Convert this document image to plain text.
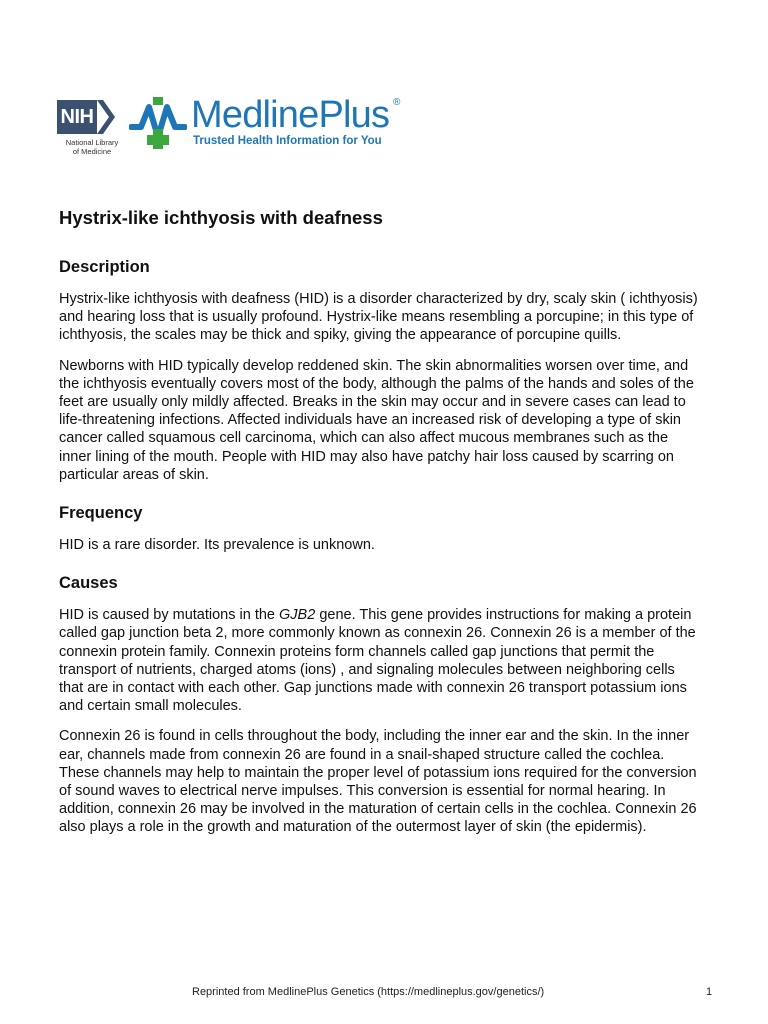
NIH
National Library
of Medicine
MedlinePlus ®
Trusted Health Information for You
Hystrix-like ichthyosis with deafness
Description

Hystrix-like ichthyosis with deafness (HID) is a disorder characterized by dry, scaly skin ( ichthyosis) and hearing loss that is usually profound. Hystrix-like means resembling a porcupine; in this type of ichthyosis, the scales may be thick and spiky, giving the appearance of porcupine quills.

Newborns with HID typically develop reddened skin. The skin abnormalities worsen over time, and the ichthyosis eventually covers most of the body, although the palms of the hands and soles of the feet are usually only mildly affected. Breaks in the skin may occur and in severe cases can lead to life-threatening infections. Affected individuals have an increased risk of developing a type of skin cancer called squamous cell carcinoma, which can also affect mucous membranes such as the inner lining of the mouth. People with HID may also have patchy hair loss caused by scarring on particular areas of skin.

Frequency

HID is a rare disorder. Its prevalence is unknown.

Causes

HID is caused by mutations in the GJB2 gene. This gene provides instructions for making a protein called gap junction beta 2, more commonly known as connexin 26. Connexin 26 is a member of the connexin protein family. Connexin proteins form channels called gap junctions that permit the transport of nutrients, charged atoms (ions) , and signaling molecules between neighboring cells that are in contact with each other. Gap junctions made with connexin 26 transport potassium ions and certain small molecules.

Connexin 26 is found in cells throughout the body, including the inner ear and the skin. In the inner ear, channels made from connexin 26 are found in a snail-shaped structure called the cochlea. These channels may help to maintain the proper level of potassium ions required for the conversion of sound waves to electrical nerve impulses. This conversion is essential for normal hearing. In addition, connexin 26 may be involved in the maturation of certain cells in the cochlea. Connexin 26 also plays a role in the growth and maturation of the outermost layer of skin (the epidermis).

Reprinted from MedlinePlus Genetics (https://medlineplus.gov/genetics/)	1
